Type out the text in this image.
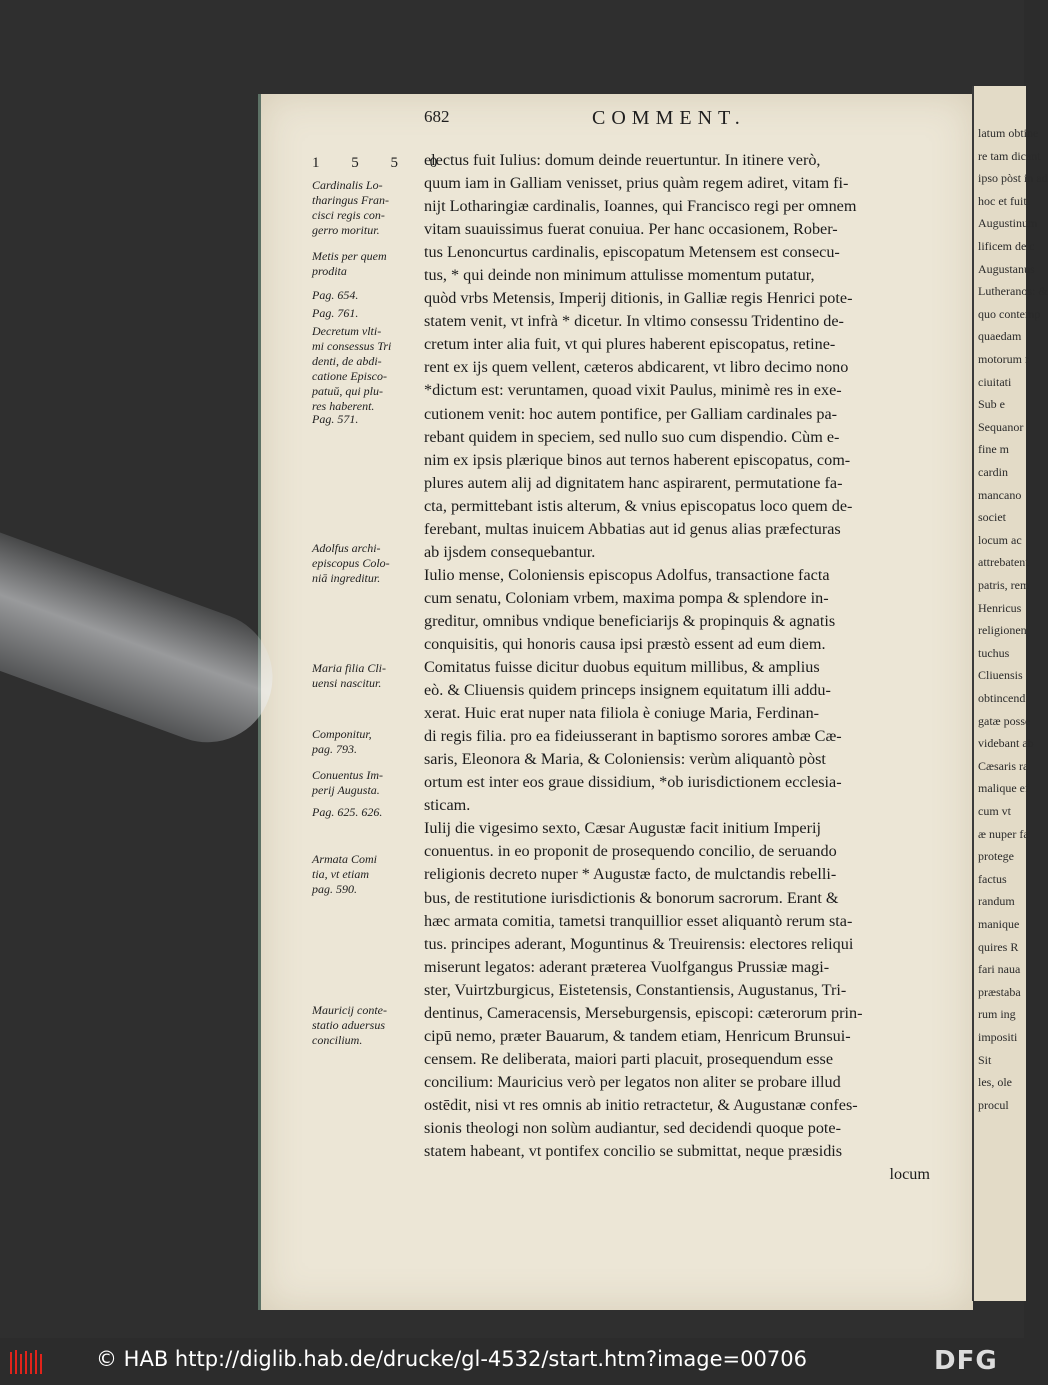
latum obtine
re tam dicant
ipso pòst in ad
hoc et fuit
Augustinum
lificem de c
Augustanus
Lutheranos: &
quo contemp
quaedam
motorum r
ciuitati
Sub e
Sequanor
fine m
cardin
mancano
societ
locum ac
attrebatent
patris, rem
Henricus
religionen
tuchus
Cliuensis
obtincend
gatæ posse
videbant ab
Cæsaris ra
malique ef
cum vt
æ nuper fa
protege
factus
randum
manique
quires R
fari naua
præstaba
rum ing
impositi
Sit
les, ole
procul
682	COMMENT.
1 5 5 0
Cardinalis Lo-
tharingus Fran-
cisci regis con-
gerro moritur.
Metis per quem
prodita
Pag. 654.
Pag. 761.
Decretum vlti-
mi consessus Tri
denti, de abdi-
catione Episco-
patuŭ, qui plu-
res haberent.
Pag. 571.
Adolfus archi-
episcopus Colo-
niā ingreditur.
Maria filia Cli-
uensi nascitur.
Componitur,
pag. 793.
Conuentus Im-
perij Augusta.
Pag. 625. 626.
Armata Comi
tia, vt etiam
pag. 590.
Mauricij conte-
statio aduersus
concilium.
electus fuit Iulius: domum deinde reuertuntur. In itinere verò,
quum iam in Galliam venisset, prius quàm regem adiret, vitam fi-
nijt Lotharingiæ cardinalis, Ioannes, qui Francisco regi per omnem
vitam suauissimus fuerat conuiua. Per hanc occasionem, Rober-
tus Lenoncurtus cardinalis, episcopatum Metensem est consecu-
tus, * qui deinde non minimum attulisse momentum putatur,
quòd vrbs Metensis, Imperij ditionis, in Galliæ regis Henrici pote-
statem venit, vt infrà * dicetur. In vltimo consessu Tridentino de-
cretum inter alia fuit, vt qui plures haberent episcopatus, retine-
rent ex ijs quem vellent, cæteros abdicarent, vt libro decimo nono
*dictum est: veruntamen, quoad vixit Paulus, minimè res in exe-
cutionem venit: hoc autem pontifice, per Galliam cardinales pa-
rebant quidem in speciem, sed nullo suo cum dispendio. Cùm e-
nim ex ipsis plærique binos aut ternos haberent episcopatus, com-
plures autem alij ad dignitatem hanc aspirarent, permutatione fa-
cta, permittebant istis alterum, & vnius episcopatus loco quem de-
ferebant, multas inuicem Abbatias aut id genus alias præfecturas
ab ijsdem consequebantur.
Iulio mense, Coloniensis episcopus Adolfus, transactione facta
cum senatu, Coloniam vrbem, maxima pompa & splendore in-
greditur, omnibus vndique beneficiarijs & propinquis & agnatis
conquisitis, qui honoris causa ipsi præstò essent ad eum diem.
Comitatus fuisse dicitur duobus equitum millibus, & amplius
eò. & Cliuensis quidem princeps insignem equitatum illi addu-
xerat. Huic erat nuper nata filiola è coniuge Maria, Ferdinan-
di regis filia. pro ea fideiusserant in baptismo sorores ambæ Cæ-
saris, Eleonora & Maria, & Coloniensis: verùm aliquantò pòst
ortum est inter eos graue dissidium, *ob iurisdictionem ecclesia-
sticam.
Iulij die vigesimo sexto, Cæsar Augustæ facit initium Imperij
conuentus. in eo proponit de prosequendo concilio, de seruando
religionis decreto nuper * Augustæ facto, de mulctandis rebelli-
bus, de restitutione iurisdictionis & bonorum sacrorum. Erant &
hæc armata comitia, tametsi tranquillior esset aliquantò rerum sta-
tus. principes aderant, Moguntinus & Treuirensis: electores reliqui
miserunt legatos: aderant præterea Vuolfgangus Prussiæ magi-
ster, Vuirtzburgicus, Eistetensis, Constantiensis, Augustanus, Tri-
dentinus, Cameracensis, Merseburgensis, episcopi: cæterorum prin-
cipū nemo, præter Bauarum, & tandem etiam, Henricum Brunsui-
censem. Re deliberata, maiori parti placuit, prosequendum esse
concilium: Mauricius verò per legatos non aliter se probare illud
ostēdit, nisi vt res omnis ab initio retractetur, & Augustanæ confes-
sionis theologi non solùm audiantur, sed decidendi quoque pote-
statem habeant, vt pontifex concilio se submittat, neque præsidis
locum
© HAB http://diglib.hab.de/drucke/gl-4532/start.htm?image=00706	DFG
